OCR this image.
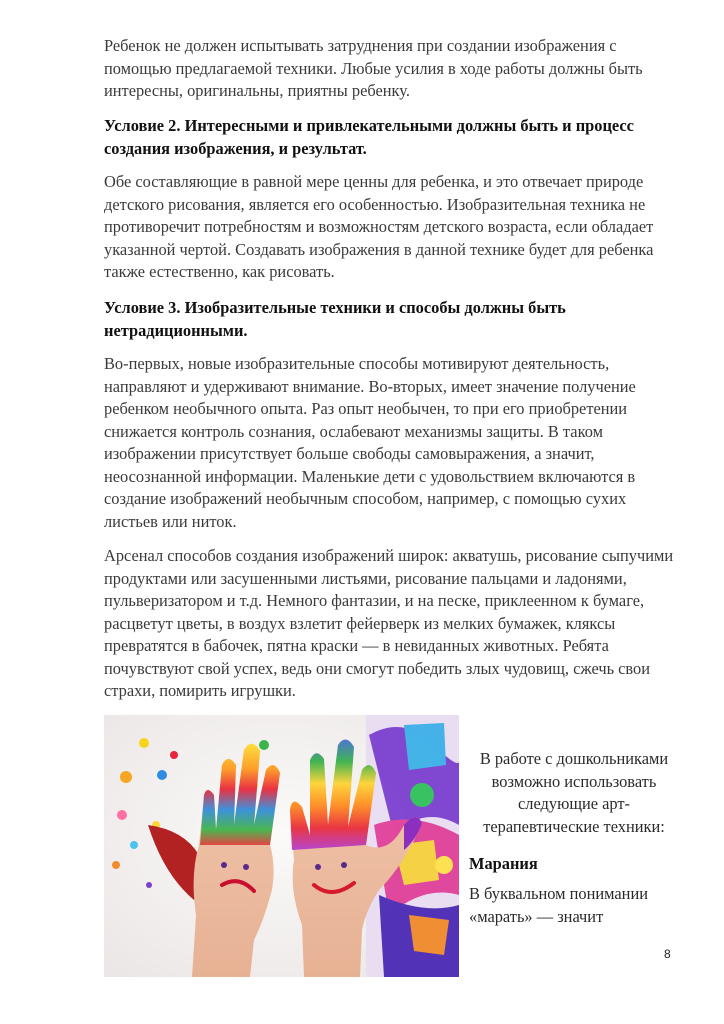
Ребенок не должен испытывать затруднения при создании изображения с помощью предлагаемой техники. Любые усилия в ходе работы должны быть интересны, оригинальны, приятны ребенку.

Условие 2. Интересными и привлекательными должны быть и процесс создания изображения, и результат.

Обе составляющие в равной мере ценны для ребенка, и это отвечает природе детского рисования, является его особенностью. Изобразительная техника не противоречит потребностям и возможностям детского возраста, если обладает указанной чертой. Создавать изображения в данной технике будет для ребенка также естественно, как рисовать.

Условие 3. Изобразительные техники и способы должны быть нетрадиционными.

Во-первых, новые изобразительные способы мотивируют деятельность, направляют и удерживают внимание. Во-вторых, имеет значение получение ребенком необычного опыта. Раз опыт необычен, то при его приобретении снижается контроль сознания, ослабевают механизмы защиты. В таком изображении присутствует больше свободы самовыражения, а значит, неосознанной информации. Маленькие дети с удовольствием включаются в создание изображений необычным способом, например, с помощью сухих листьев или ниток.

Арсенал способов создания изображений широк: акватушь, рисование сыпучими продуктами или засушенными листьями, рисование пальцами и ладонями, пульверизатором и т.д. Немного фантазии, и на песке, приклеенном к бумаге, расцветут цветы, в воздух взлетит фейерверк из мелких бумажек, кляксы превратятся в бабочек, пятна краски — в невиданных животных. Ребята почувствуют свой успех, ведь они смогут победить злых чудовищ, сжечь свои страхи, помирить игрушки.

В работе с дошкольниками возможно использовать следующие арт-терапевтические техники:
Марания
В буквальном понимании «марать» — значит
8
